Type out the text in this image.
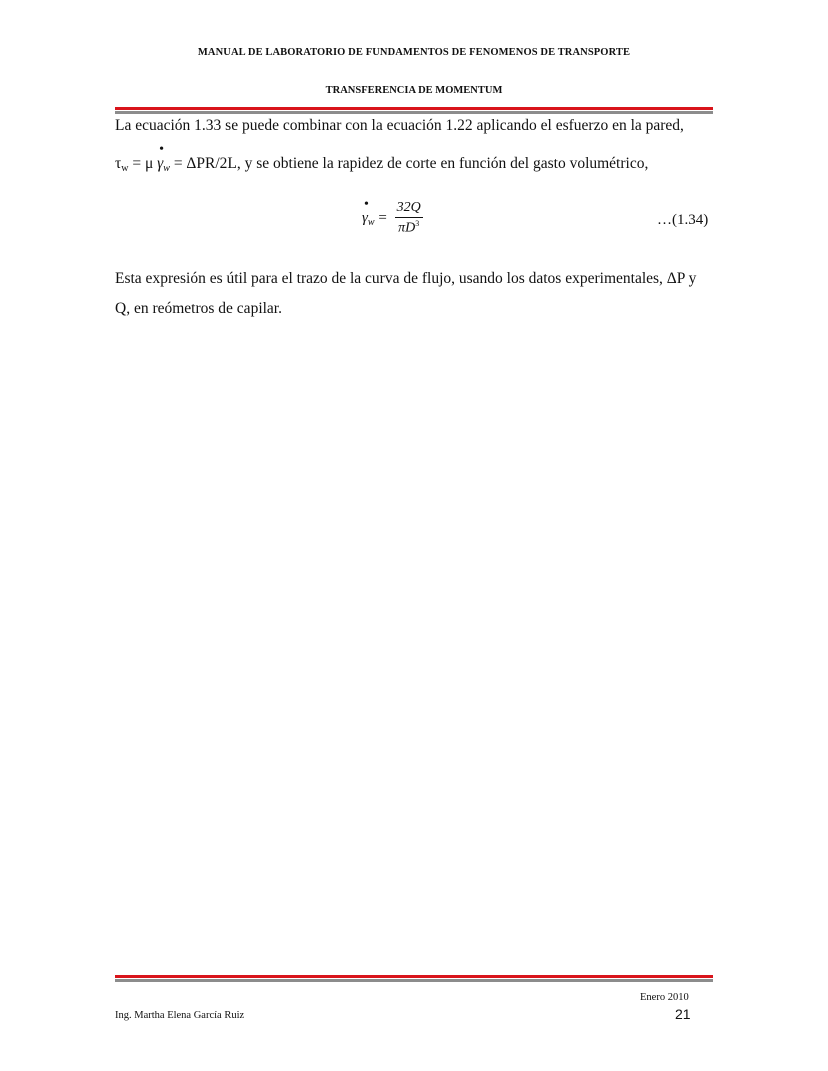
MANUAL DE LABORATORIO DE FUNDAMENTOS DE FENOMENOS DE TRANSPORTE
TRANSFERENCIA DE MOMENTUM
La ecuación 1.33 se puede combinar con la ecuación 1.22 aplicando el esfuerzo en la pared,
τw = μ
•
γw = ΔPR/2L, y se obtiene la rapidez de corte en función del gasto volumétrico,
•
$\gamma_w = \frac{32Q}{\pi D^3}$	…(1.34)
Esta expresión es útil para el trazo de la curva de flujo, usando los datos experimentales, ΔP y Q, en reómetros de capilar.
Enero 2010
Ing. Martha Elena García Ruiz	21
